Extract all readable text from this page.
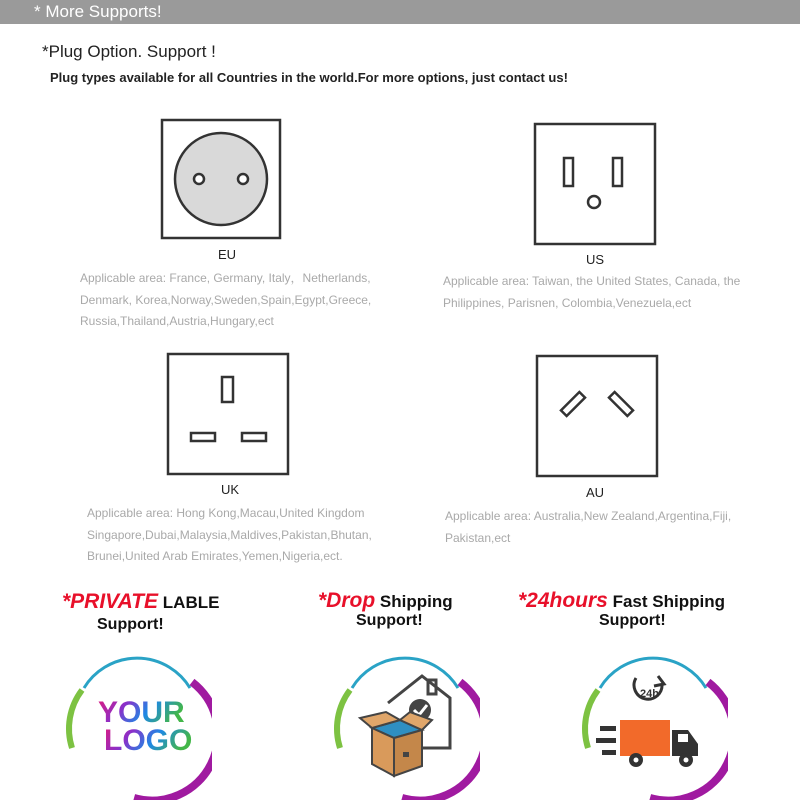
* More Supports!
*Plug Option. Support !
Plug types available for all Countries in the world.For more options, just contact us!
EU
Applicable area: France, Germany, Italy，Netherlands,
Denmark, Korea,Norway,Sweden,Spain,Egypt,Greece,
Russia,Thailand,Austria,Hungary,ect
US
Applicable area: Taiwan, the United States, Canada, the
Philippines, Parisnen, Colombia,Venezuela,ect
UK
Applicable area: Hong Kong,Macau,United Kingdom
Singapore,Dubai,Malaysia,Maldives,Pakistan,Bhutan,
Brunei,United Arab Emirates,Yemen,Nigeria,ect.
AU
Applicable area: Australia,New Zealand,Argentina,Fiji,
Pakistan,ect
*PRIVATE LABLE
Support!
*Drop Shipping
Support!
*24hours Fast Shipping
Support!
YOUR
LOGO
24h
